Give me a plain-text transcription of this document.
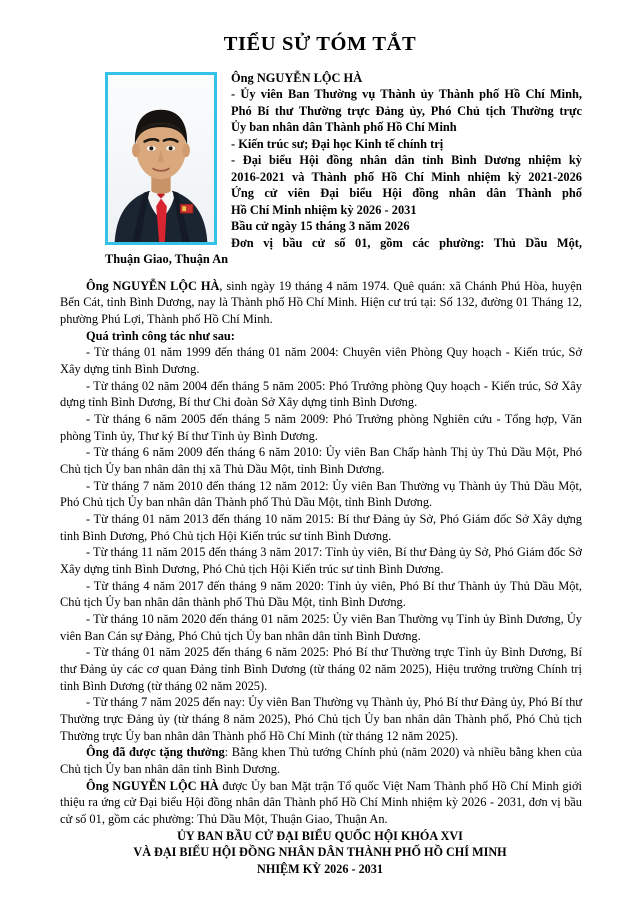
TIỂU SỬ TÓM TẮT
Ông NGUYỄN LỘC HÀ
- Ủy viên Ban Thường vụ Thành ủy Thành phố Hồ Chí Minh,
Phó Bí thư Thường trực Đảng ủy, Phó Chủ tịch Thường trực
Ủy ban nhân dân Thành phố Hồ Chí Minh
- Kiến trúc sư; Đại học Kinh tế chính trị
- Đại biểu Hội đồng nhân dân tỉnh Bình Dương nhiệm kỳ
2016-2021 và Thành phố Hồ Chí Minh nhiệm kỳ 2021-2026
Ứng cử viên Đại biểu Hội đồng nhân dân Thành phố
Hồ Chí Minh nhiệm kỳ 2026 - 2031
Bầu cử ngày 15 tháng 3 năm 2026
Đơn vị bầu cử số 01, gồm các phường: Thủ Dầu Một,
Thuận Giao, Thuận An

Ông NGUYỄN LỘC HÀ, sinh ngày 19 tháng 4 năm 1974. Quê quán: xã Chánh Phú Hòa, huyện Bến Cát, tỉnh Bình Dương, nay là Thành phố Hồ Chí Minh. Hiện cư trú tại: Số 132, đường 01 Tháng 12, phường Phú Lợi, Thành phố Hồ Chí Minh.

Quá trình công tác như sau:

- Từ tháng 01 năm 1999 đến tháng 01 năm 2004: Chuyên viên Phòng Quy hoạch - Kiến trúc, Sở Xây dựng tỉnh Bình Dương.

- Từ tháng 02 năm 2004 đến tháng 5 năm 2005: Phó Trưởng phòng Quy hoạch - Kiến trúc, Sở Xây dựng tỉnh Bình Dương, Bí thư Chi đoàn Sở Xây dựng tỉnh Bình Dương.

- Từ tháng 6 năm 2005 đến tháng 5 năm 2009: Phó Trưởng phòng Nghiên cứu - Tổng hợp, Văn phòng Tỉnh ủy, Thư ký Bí thư Tỉnh ủy Bình Dương.

- Từ tháng 6 năm 2009 đến tháng 6 năm 2010: Ủy viên Ban Chấp hành Thị ủy Thủ Dầu Một, Phó Chủ tịch Ủy ban nhân dân thị xã Thủ Dầu Một, tỉnh Bình Dương.

- Từ tháng 7 năm 2010 đến tháng 12 năm 2012: Ủy viên Ban Thường vụ Thành ủy Thủ Dầu Một, Phó Chủ tịch Ủy ban nhân dân Thành phố Thủ Dầu Một, tỉnh Bình Dương.

- Từ tháng 01 năm 2013 đến tháng 10 năm 2015: Bí thư Đảng ủy Sở, Phó Giám đốc Sở Xây dựng tỉnh Bình Dương, Phó Chủ tịch Hội Kiến trúc sư tỉnh Bình Dương.

- Từ tháng 11 năm 2015 đến tháng 3 năm 2017: Tỉnh ủy viên, Bí thư Đảng ủy Sở, Phó Giám đốc Sở Xây dựng tỉnh Bình Dương, Phó Chủ tịch Hội Kiến trúc sư tỉnh Bình Dương.

- Từ tháng 4 năm 2017 đến tháng 9 năm 2020: Tỉnh ủy viên, Phó Bí thư Thành ủy Thủ Dầu Một, Chủ tịch Ủy ban nhân dân thành phố Thủ Dầu Một, tỉnh Bình Dương.

- Từ tháng 10 năm 2020 đến tháng 01 năm 2025: Ủy viên Ban Thường vụ Tỉnh ủy Bình Dương, Ủy viên Ban Cán sự Đảng, Phó Chủ tịch Ủy ban nhân dân tỉnh Bình Dương.

- Từ tháng 01 năm 2025 đến tháng 6 năm 2025: Phó Bí thư Thường trực Tỉnh ủy Bình Dương, Bí thư Đảng ủy các cơ quan Đảng tỉnh Bình Dương (từ tháng 02 năm 2025), Hiệu trưởng trường Chính trị tỉnh Bình Dương (từ tháng 02 năm 2025).

- Từ tháng 7 năm 2025 đến nay: Ủy viên Ban Thường vụ Thành ủy, Phó Bí thư Đảng ủy, Phó Bí thư Thường trực Đảng ủy (từ tháng 8 năm 2025), Phó Chủ tịch Ủy ban nhân dân Thành phố, Phó Chủ tịch Thường trực Ủy ban nhân dân Thành phố Hồ Chí Minh (từ tháng 12 năm 2025).

Ông đã được tặng thưởng: Bằng khen Thủ tướng Chính phủ (năm 2020) và nhiều bằng khen của Chủ tịch Ủy ban nhân dân tỉnh Bình Dương.

Ông NGUYỄN LỘC HÀ được Ủy ban Mặt trận Tổ quốc Việt Nam Thành phố Hồ Chí Minh giới thiệu ra ứng cử Đại biểu Hội đồng nhân dân Thành phố Hồ Chí Minh nhiệm kỳ 2026 - 2031, đơn vị bầu cử số 01, gồm các phường: Thủ Dầu Một, Thuận Giao, Thuận An.

ỦY BAN BẦU CỬ ĐẠI BIỂU QUỐC HỘI KHÓA XVI
VÀ ĐẠI BIỂU HỘI ĐỒNG NHÂN DÂN THÀNH PHỐ HỒ CHÍ MINH
NHIỆM KỲ 2026 - 2031
